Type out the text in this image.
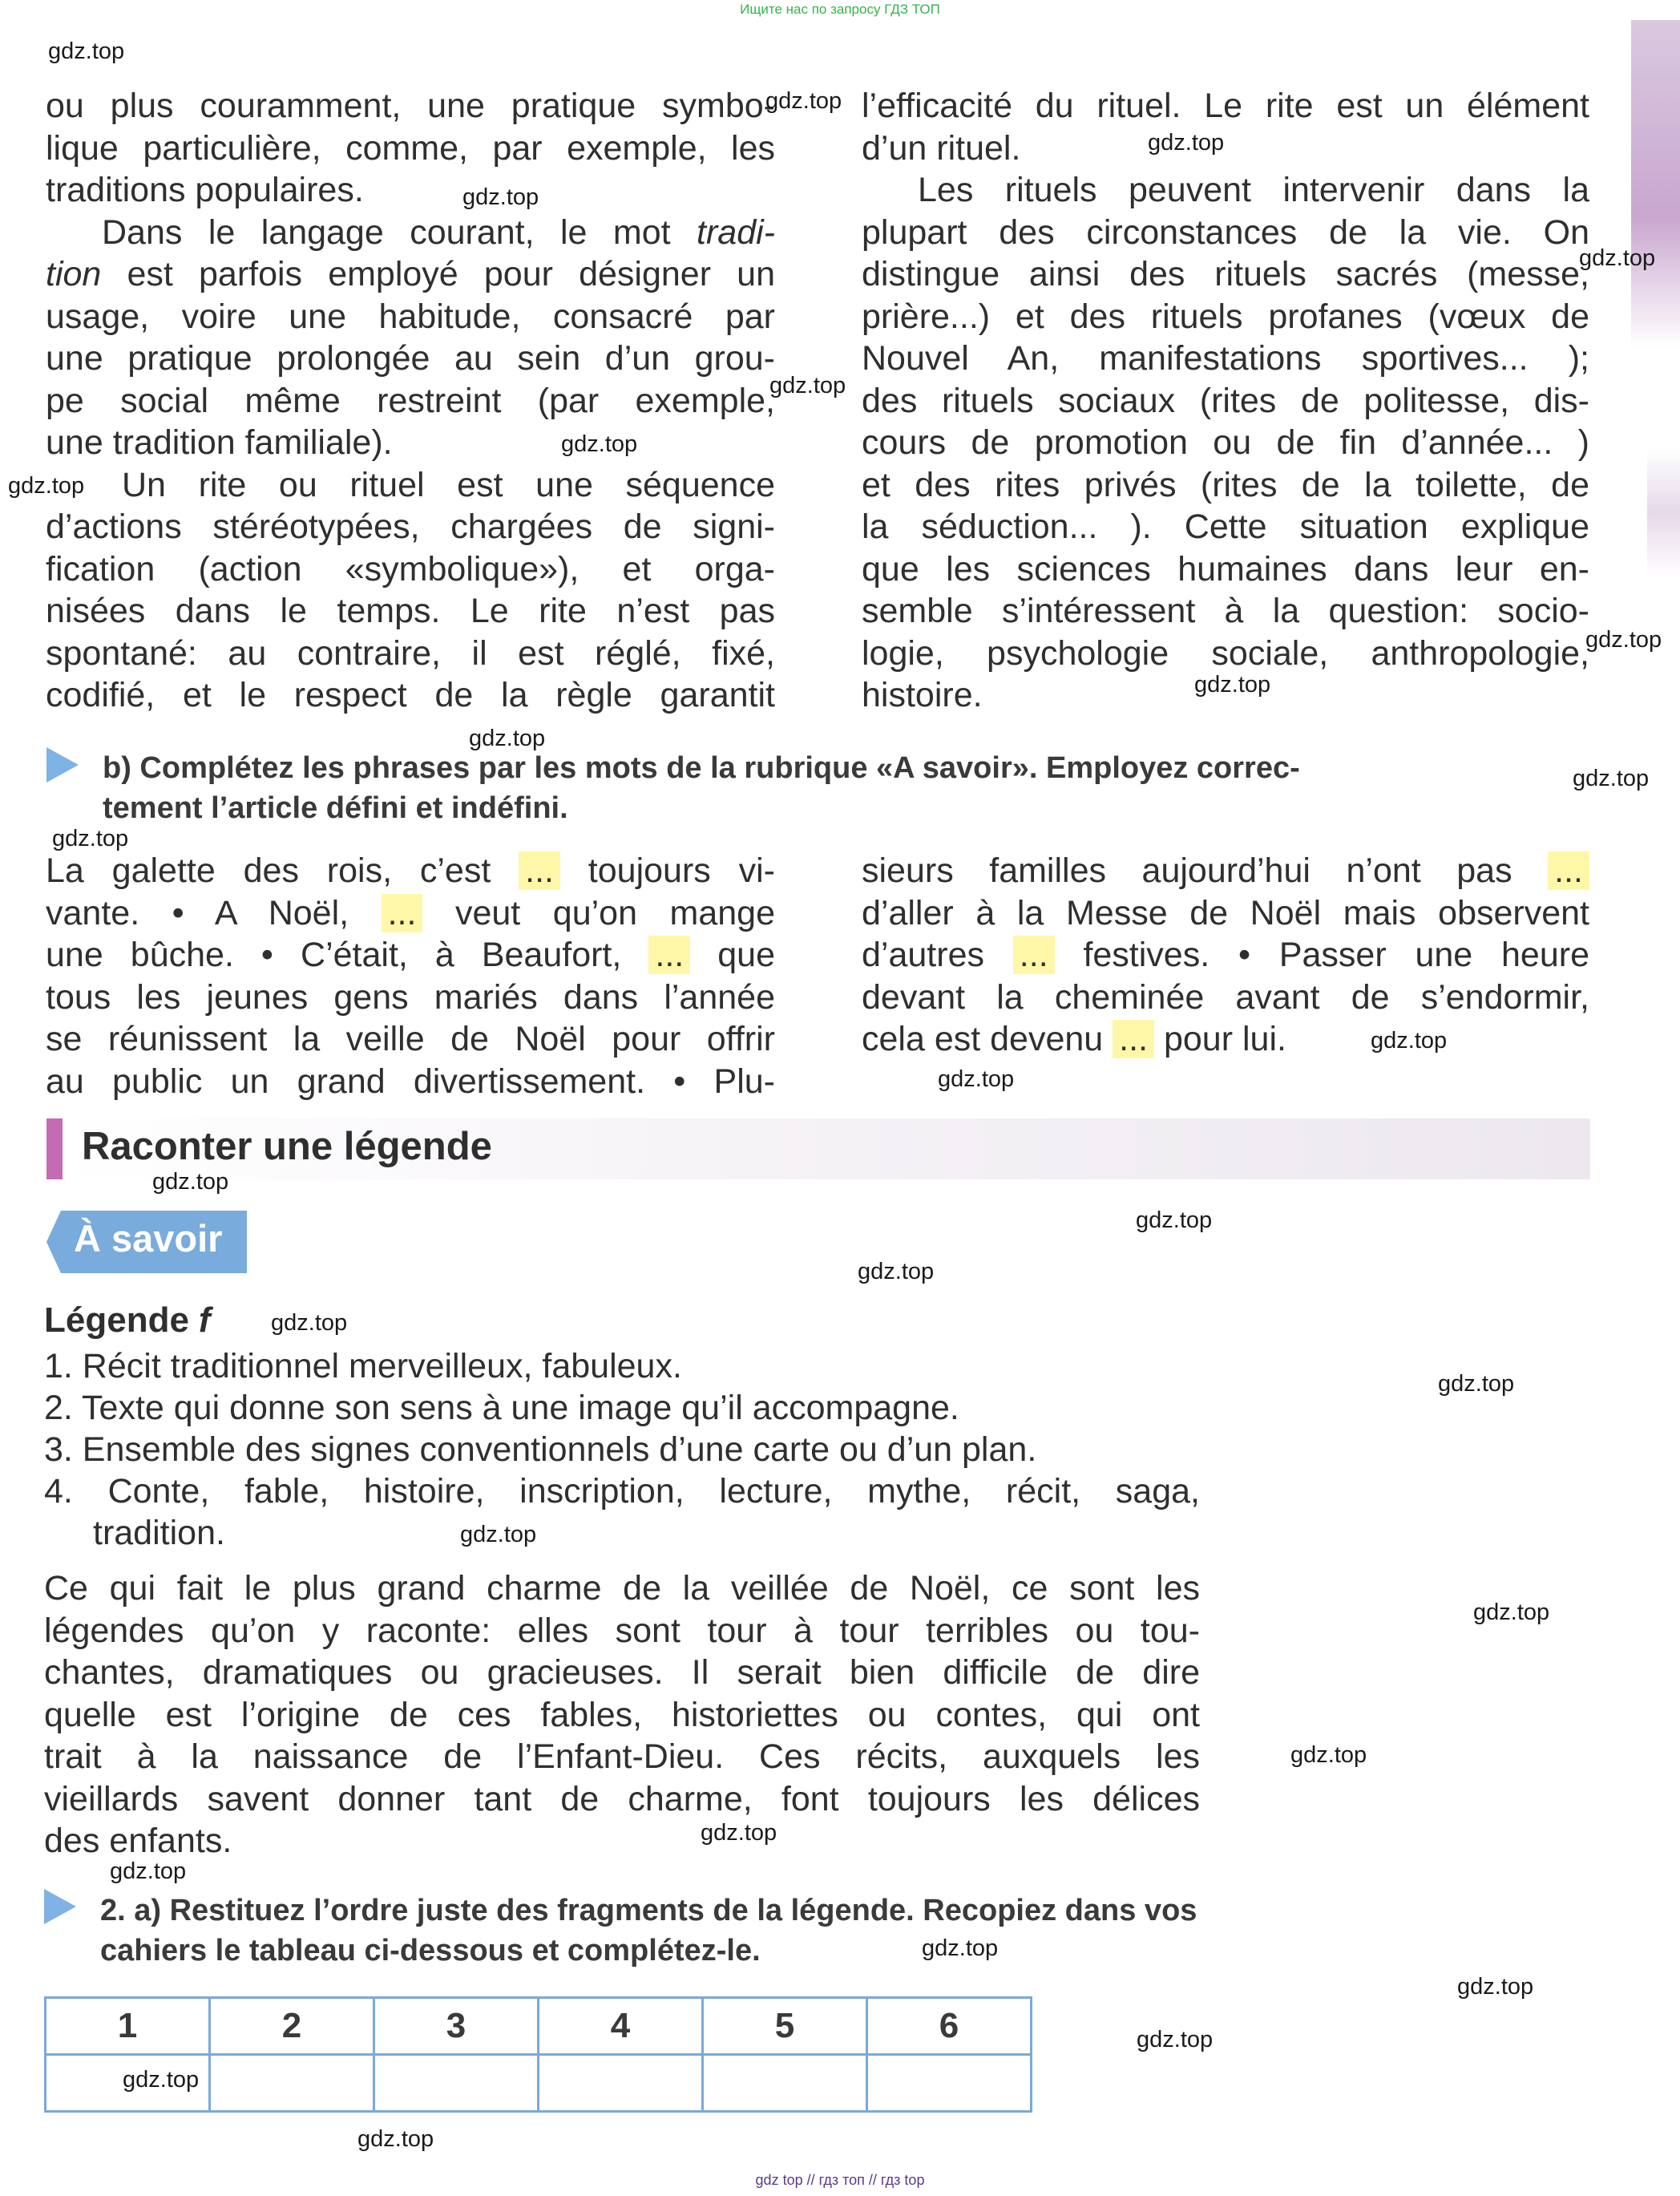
Ищите нас по запросу ГДЗ ТОП
ou plus couramment, une pratique symbo-
lique particulière, comme, par exemple, les
traditions populaires.
Dans le langage courant, le mot tradi-
tion est parfois employé pour désigner un
usage, voire une habitude, consacré par
une pratique prolongée au sein d’un grou-
pe social même restreint (par exemple,
une tradition familiale).
Un rite ou rituel est une séquence
d’actions stéréotypées, chargées de signi-
fication (action «symbolique»), et orga-
nisées dans le temps. Le rite n’est pas
spontané: au contraire, il est réglé, fixé,
codifié, et le respect de la règle garantit
l’efficacité du rituel. Le rite est un élément
d’un rituel.
Les rituels peuvent intervenir dans la
plupart des circonstances de la vie. On
distingue ainsi des rituels sacrés (messe,
prière...) et des rituels profanes (vœux de
Nouvel An, manifestations sportives... );
des rituels sociaux (rites de politesse, dis-
cours de promotion ou de fin d’année... )
et des rites privés (rites de la toilette, de
la séduction... ). Cette situation explique
que les sciences humaines dans leur en-
semble s’intéressent à la question: socio-
logie, psychologie sociale, anthropologie,
histoire.
b) Complétez les phrases par les mots de la rubrique «A savoir». Employez correc-
tement l’article défini et indéfini.
La galette des rois, c’est ... toujours vi-
vante. • A Noël, ... veut qu’on mange
une bûche. • C’était, à Beaufort, ... que
tous les jeunes gens mariés dans l’année
se réunissent la veille de Noël pour offrir
au public un grand divertissement. • Plu-
sieurs familles aujourd’hui n’ont pas ...
d’aller à la Messe de Noël mais observent
d’autres ... festives. • Passer une heure
devant la cheminée avant de s’endormir,
cela est devenu ... pour lui.
Raconter une légende
À savoir
Légende f
1. Récit traditionnel merveilleux, fabuleux.
2. Texte qui donne son sens à une image qu’il accompagne.
3. Ensemble des signes conventionnels d’une carte ou d’un plan.
4. Conte, fable, histoire, inscription, lecture, mythe, récit, saga,
tradition.
Ce qui fait le plus grand charme de la veillée de Noël, ce sont les
légendes qu’on y raconte: elles sont tour à tour terribles ou tou-
chantes, dramatiques ou gracieuses. Il serait bien difficile de dire
quelle est l’origine de ces fables, historiettes ou contes, qui ont
trait à la naissance de l’Enfant-Dieu. Ces récits, auxquels les
vieillards savent donner tant de charme, font toujours les délices
des enfants.
2. a) Restituez l’ordre juste des fragments de la légende. Recopiez dans vos
cahiers le tableau ci-dessous et complétez-le.
1	2	3	4	5	6

gdz.top
gdz.top
gdz.top
gdz.top
gdz.top
gdz.top
gdz.top
gdz.top
gdz.top
gdz.top
gdz.top
gdz.top
gdz.top
gdz.top
gdz.top
gdz.top
gdz.top
gdz.top
gdz.top
gdz.top
gdz.top
gdz.top
gdz.top
gdz.top
gdz.top
gdz.top
gdz.top
gdz.top
gdz.top
gdz.top
gdz top // гдз топ // гдз top
